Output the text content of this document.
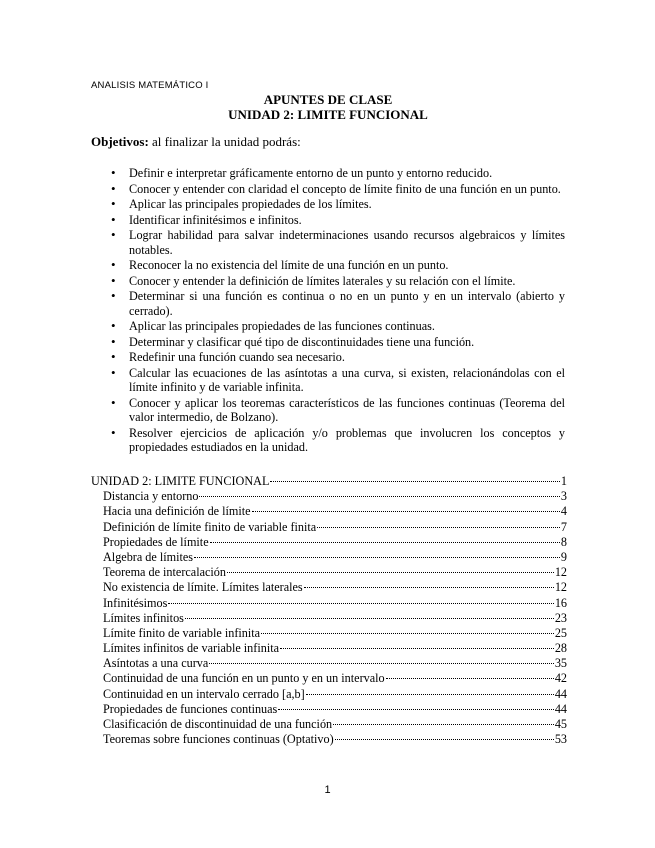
ANALISIS MATEMÁTICO I
APUNTES DE CLASE
UNIDAD 2: LIMITE FUNCIONAL
Objetivos: al finalizar la unidad podrás:
• Definir e interpretar gráficamente entorno de un punto y entorno reducido.
• Conocer y entender con claridad el concepto de límite finito de una función en un punto.
• Aplicar las principales propiedades de los límites.
• Identificar infinitésimos e infinitos.
• Lograr habilidad para salvar indeterminaciones usando recursos algebraicos y límites notables.
• Reconocer la no existencia del límite de una función en un punto.
• Conocer y entender la definición de límites laterales y su relación con el límite.
• Determinar si una función es continua o no en un punto y en un intervalo (abierto y cerrado).
• Aplicar las principales propiedades de las funciones continuas.
• Determinar y clasificar qué tipo de discontinuidades tiene una función.
• Redefinir una función cuando sea necesario.
• Calcular las ecuaciones de las asíntotas a una curva, si existen, relacionándolas con el límite infinito y de variable infinita.
• Conocer y aplicar los teoremas característicos de las funciones continuas (Teorema del valor intermedio, de Bolzano).
• Resolver ejercicios de aplicación y/o problemas que involucren los conceptos y propiedades estudiados en la unidad.
UNIDAD 2: LIMITE FUNCIONAL	1
Distancia y entorno	3
Hacia una definición de límite	4
Definición de límite finito de variable finita	7
Propiedades de límite	8
Algebra de límites	9
Teorema de intercalación	12
No existencia de límite. Límites laterales	12
Infinitésimos	16
Límites infinitos	23
Límite finito de variable infinita	25
Límites infinitos de variable infinita	28
Asíntotas a una curva	35
Continuidad de una función en un punto y en un intervalo	42
Continuidad en un intervalo cerrado [a,b]	44
Propiedades de funciones continuas	44
Clasificación de discontinuidad de una función	45
Teoremas sobre funciones continuas (Optativo)	53
1
